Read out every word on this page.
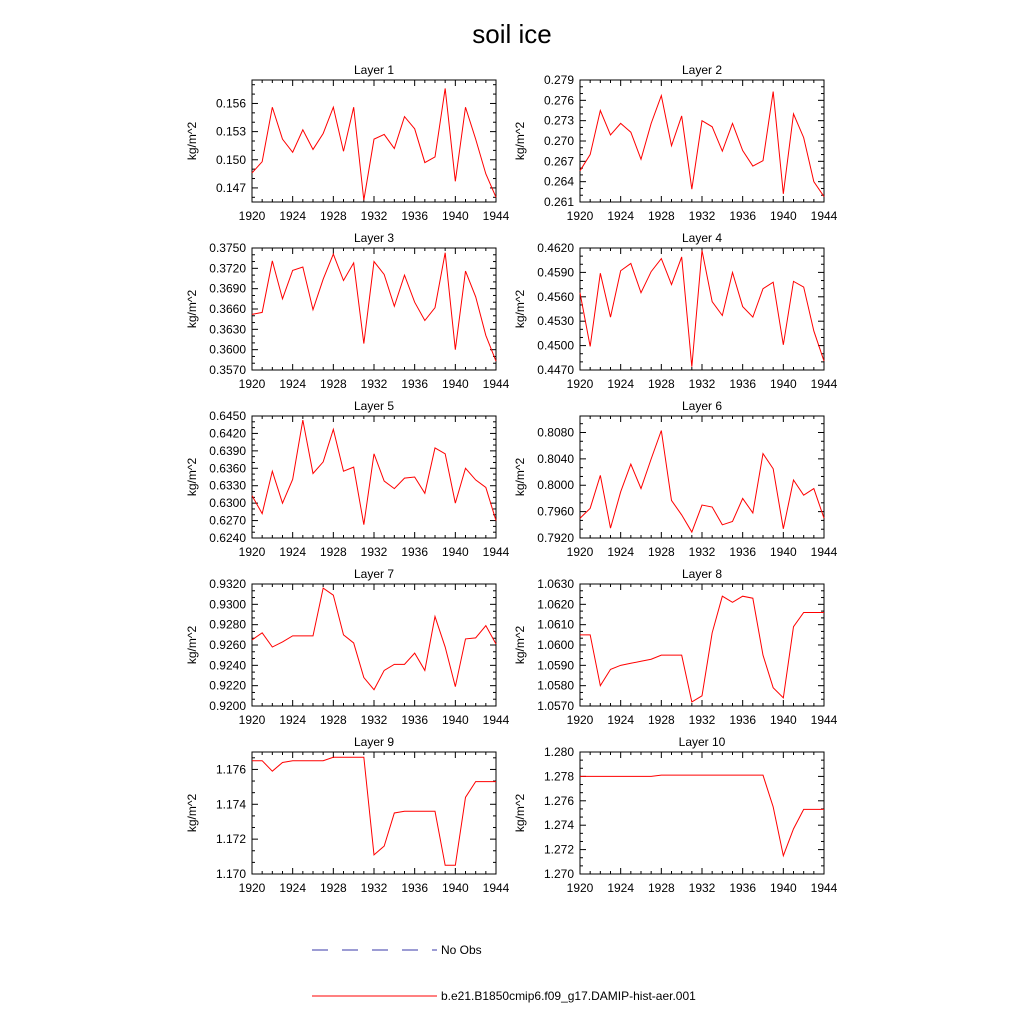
soil ice
Layer 1
1920 1924 1928 1932 1936 1940 1944
0.147
0.150
0.153
0.156
kg/m^2
Layer 2
1920 1924 1928 1932 1936 1940 1944
0.261
0.264
0.267
0.270
0.273
0.276
0.279
kg/m^2
Layer 3
1920 1924 1928 1932 1936 1940 1944
0.3570
0.3600
0.3630
0.3660
0.3690
0.3720
0.3750
kg/m^2
Layer 4
1920 1924 1928 1932 1936 1940 1944
0.4470
0.4500
0.4530
0.4560
0.4590
0.4620
kg/m^2
Layer 5
1920 1924 1928 1932 1936 1940 1944
0.6240
0.6270
0.6300
0.6330
0.6360
0.6390
0.6420
0.6450
kg/m^2
Layer 6
1920 1924 1928 1932 1936 1940 1944
0.7920
0.7960
0.8000
0.8040
0.8080
kg/m^2
Layer 7
1920 1924 1928 1932 1936 1940 1944
0.9200
0.9220
0.9240
0.9260
0.9280
0.9300
0.9320
kg/m^2
Layer 8
1920 1924 1928 1932 1936 1940 1944
1.0570
1.0580
1.0590
1.0600
1.0610
1.0620
1.0630
kg/m^2
Layer 9
1920 1924 1928 1932 1936 1940 1944
1.170
1.172
1.174
1.176
kg/m^2
Layer 10
1920 1924 1928 1932 1936 1940 1944
1.270
1.272
1.274
1.276
1.278
1.280
kg/m^2
No Obs
b.e21.B1850cmip6.f09_g17.DAMIP-hist-aer.001
